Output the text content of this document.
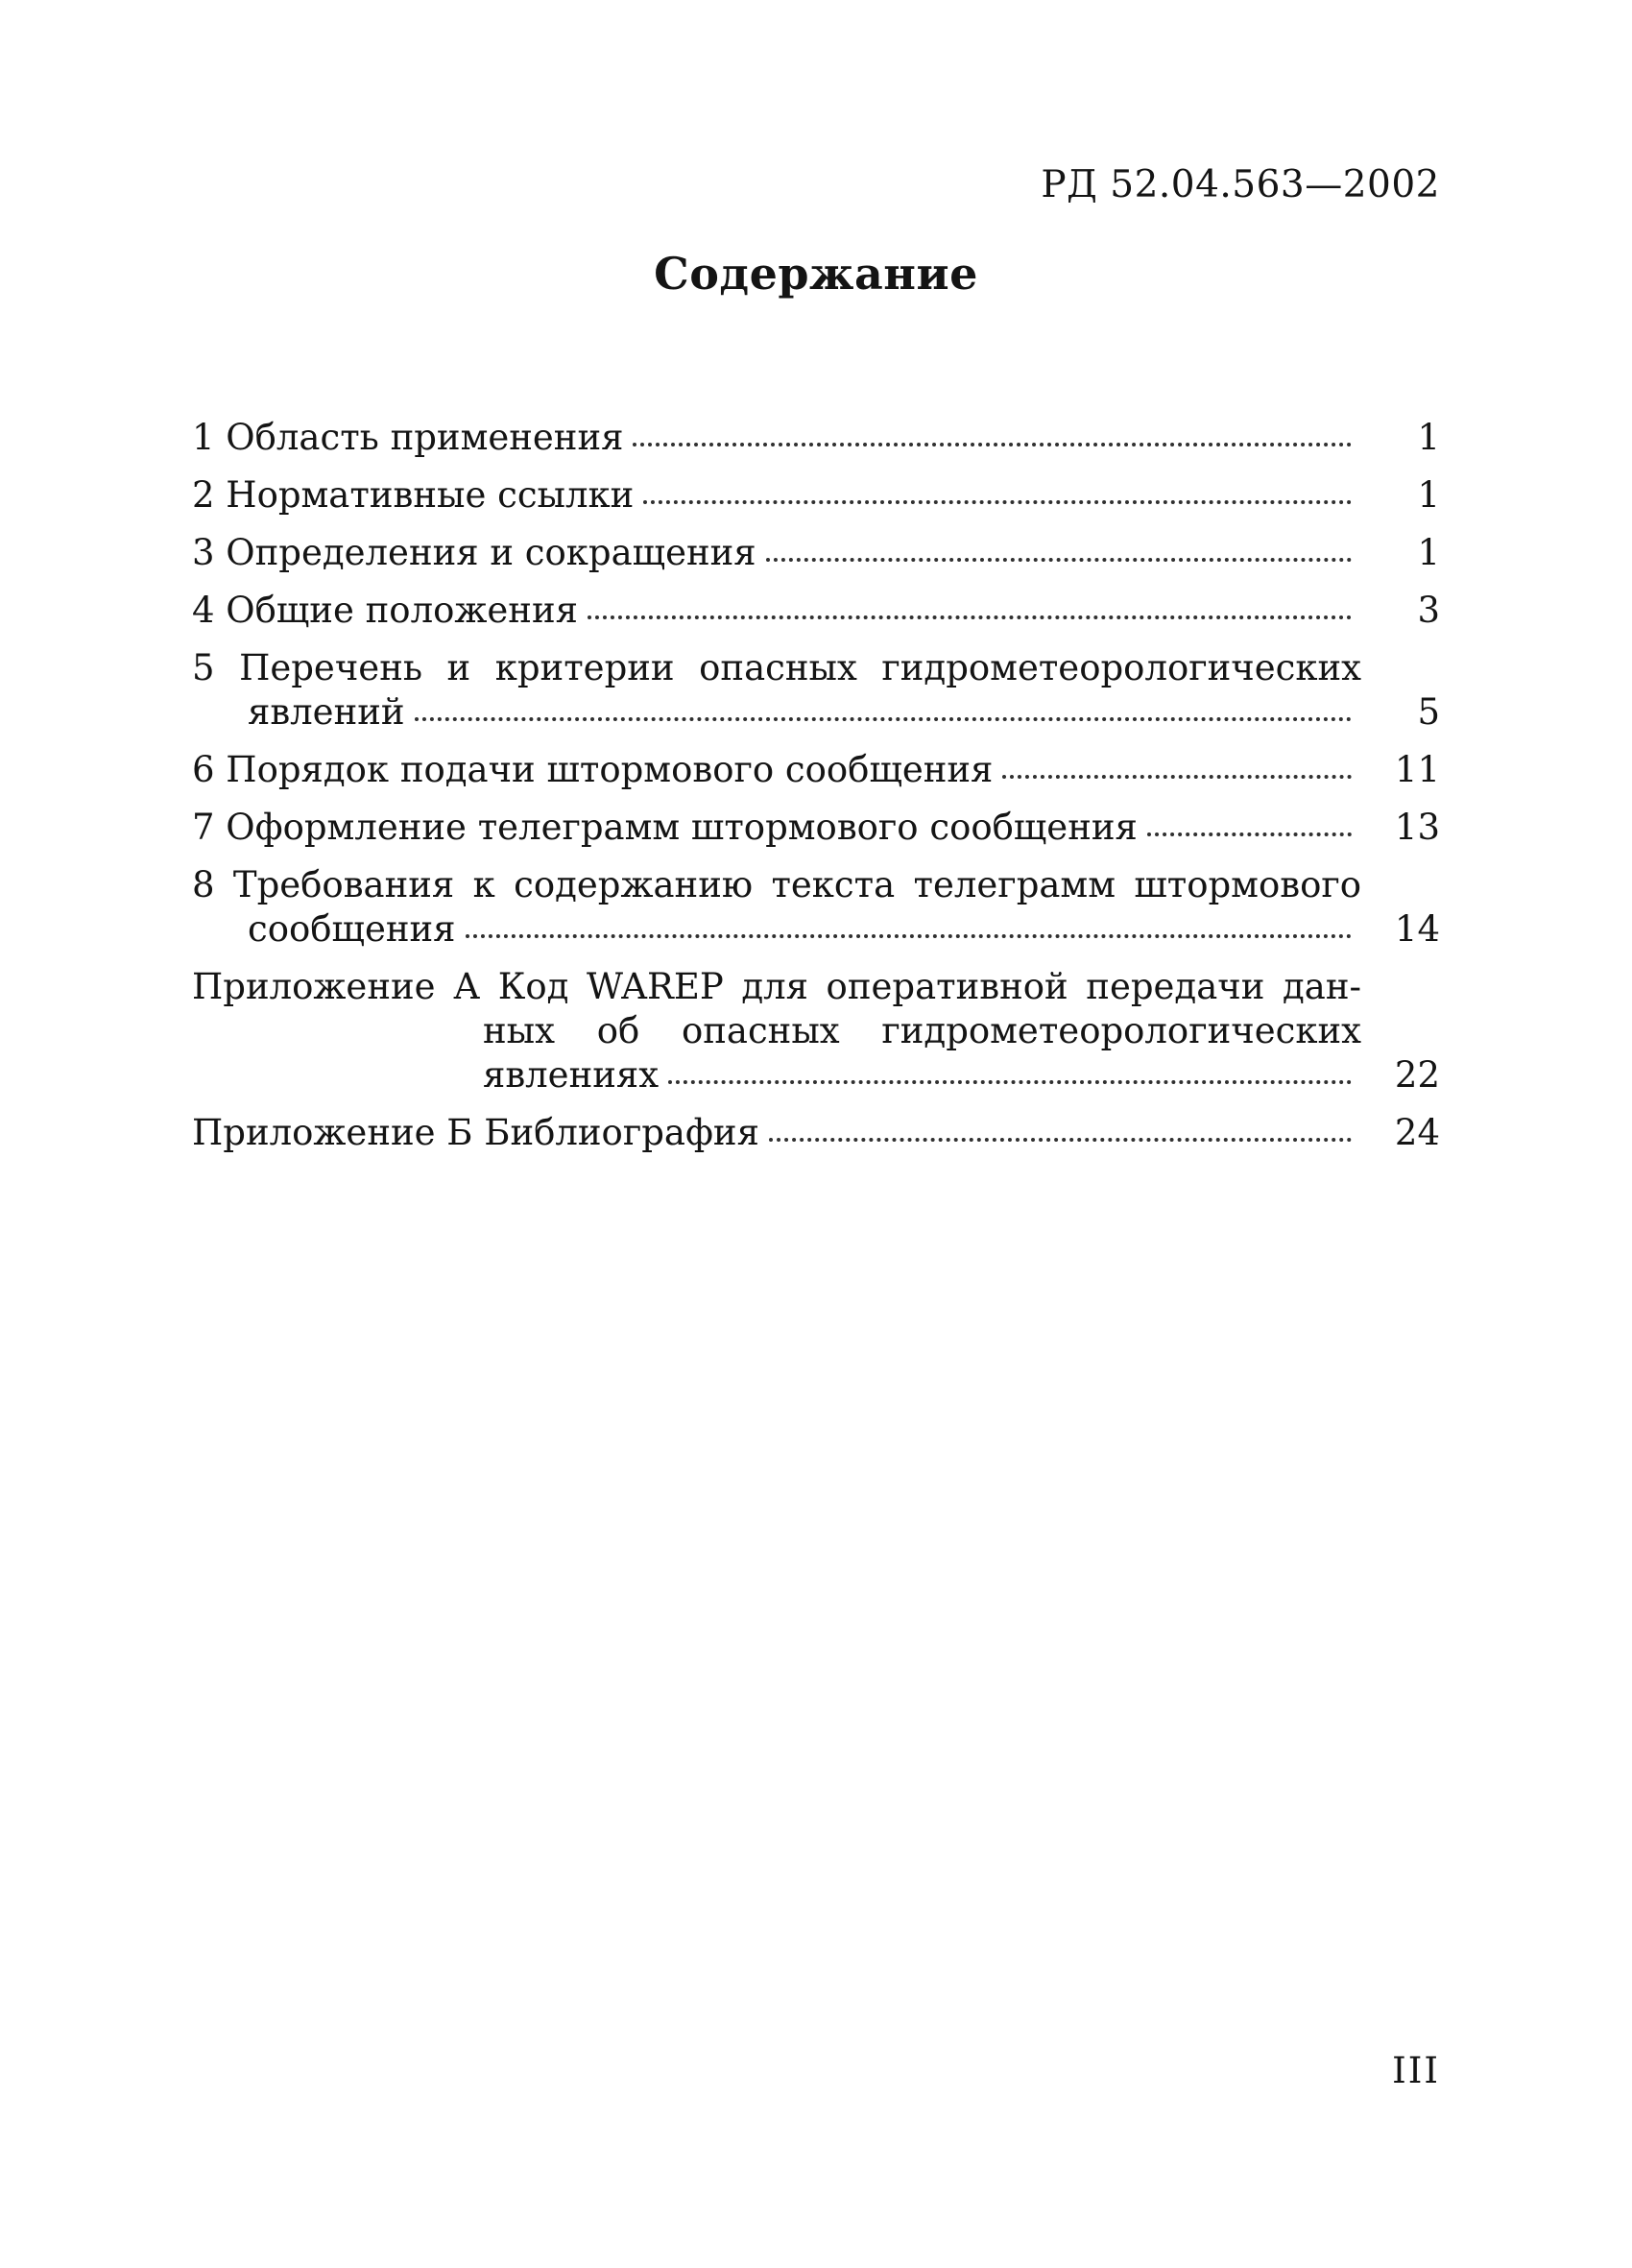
РД 52.04.563—2002
Содержание
1 Область применения	1
2 Нормативные ссылки	1
3 Определения и сокращения	1
4 Общие положения	3
5 Перечень и критерии опасных гидрометеорологических
явлений	5
6 Порядок подачи штормового сообщения	11
7 Оформление телеграмм штормового сообщения	13
8 Требования к содержанию текста телеграмм штормового
сообщения	14
Приложение А Код WAREP для оперативной передачи дан-
ных об опасных гидрометеорологических
явлениях	22
Приложение Б Библиография	24
III
